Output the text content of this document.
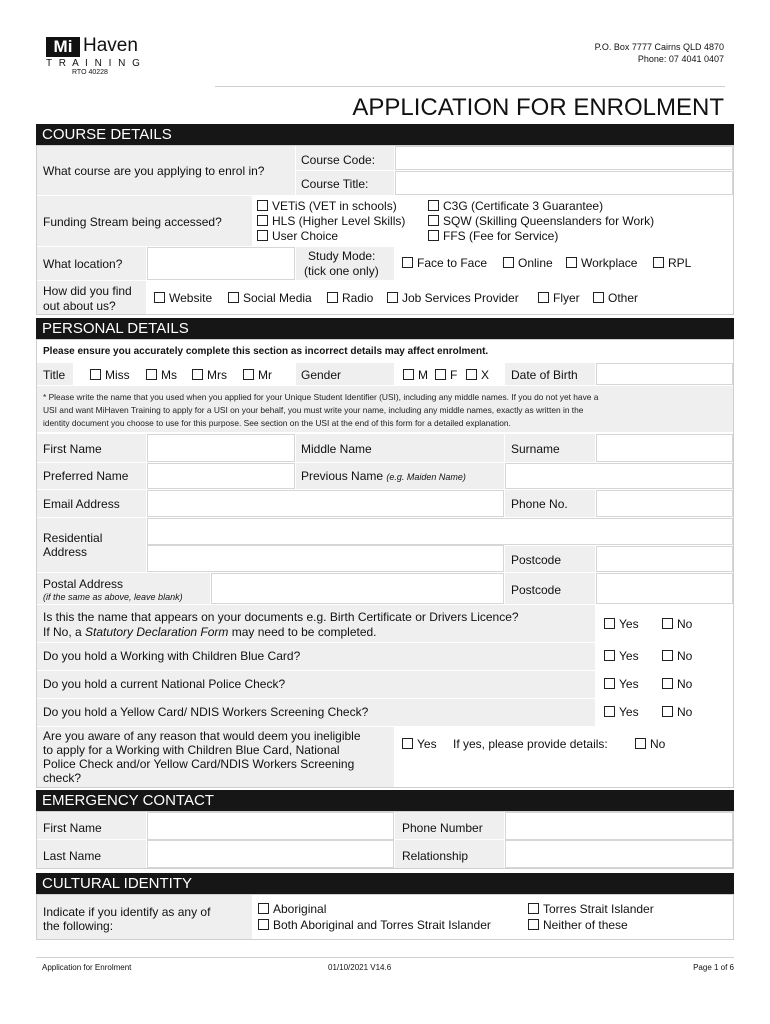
Mi Haven
T R A I N I N G
RTO 40228
P.O. Box 7777 Cairns QLD 4870
Phone: 07 4041 0407
APPLICATION FOR ENROLMENT
COURSE DETAILS
What course are you applying to enrol in?
Course Code:
Course Title:
Funding Stream being accessed?
VETiS (VET in schools)
HLS (Higher Level Skills)
User Choice
C3G (Certificate 3 Guarantee)
SQW (Skilling Queenslanders for Work)
FFS (Fee for Service)
What location?
Study Mode:
(tick one only)
Face to Face	Online	Workplace	RPL
How did you find
out about us?
Website	Social Media	Radio	Job Services Provider	Flyer	Other
PERSONAL DETAILS
Please ensure you accurately complete this section as incorrect details may affect enrolment.
Title	Miss	Ms	Mrs	Mr Gender	M	F	X Date of Birth
* Please write the name that you used when you applied for your Unique Student Identifier (USI), including any middle names. If you do not yet have a
USI and want MiHaven Training to apply for a USI on your behalf, you must write your name, including any middle names, exactly as written in the
identity document you choose to use for this purpose. See section on the USI at the end of this form for a detailed explanation.
First Name	Middle Name	Surname
Preferred Name	Previous Name (e.g. Maiden Name)
Email Address	Phone No.
Residential
Address
Postcode
Postal Address
(if the same as above, leave blank)	Postcode
Is this the name that appears on your documents e.g. Birth Certificate or Drivers Licence?
If No, a Statutory Declaration Form may need to be completed.
Yes	No
Do you hold a Working with Children Blue Card?	Yes	No
Do you hold a current National Police Check?	Yes	No
Do you hold a Yellow Card/ NDIS Workers Screening Check?	Yes	No
Are you aware of any reason that would deem you ineligible
to apply for a Working with Children Blue Card, National
Police Check and/or Yellow Card/NDIS Workers Screening
check?
Yes If yes, please provide details:	No
EMERGENCY CONTACT
First Name	Phone Number
Last Name	Relationship
CULTURAL IDENTITY
Indicate if you identify as any of
the following:
Aboriginal	Torres Strait Islander
Both Aboriginal and Torres Strait Islander	Neither of these
Application for Enrolment	01/10/2021 V14.6	Page 1 of 6
